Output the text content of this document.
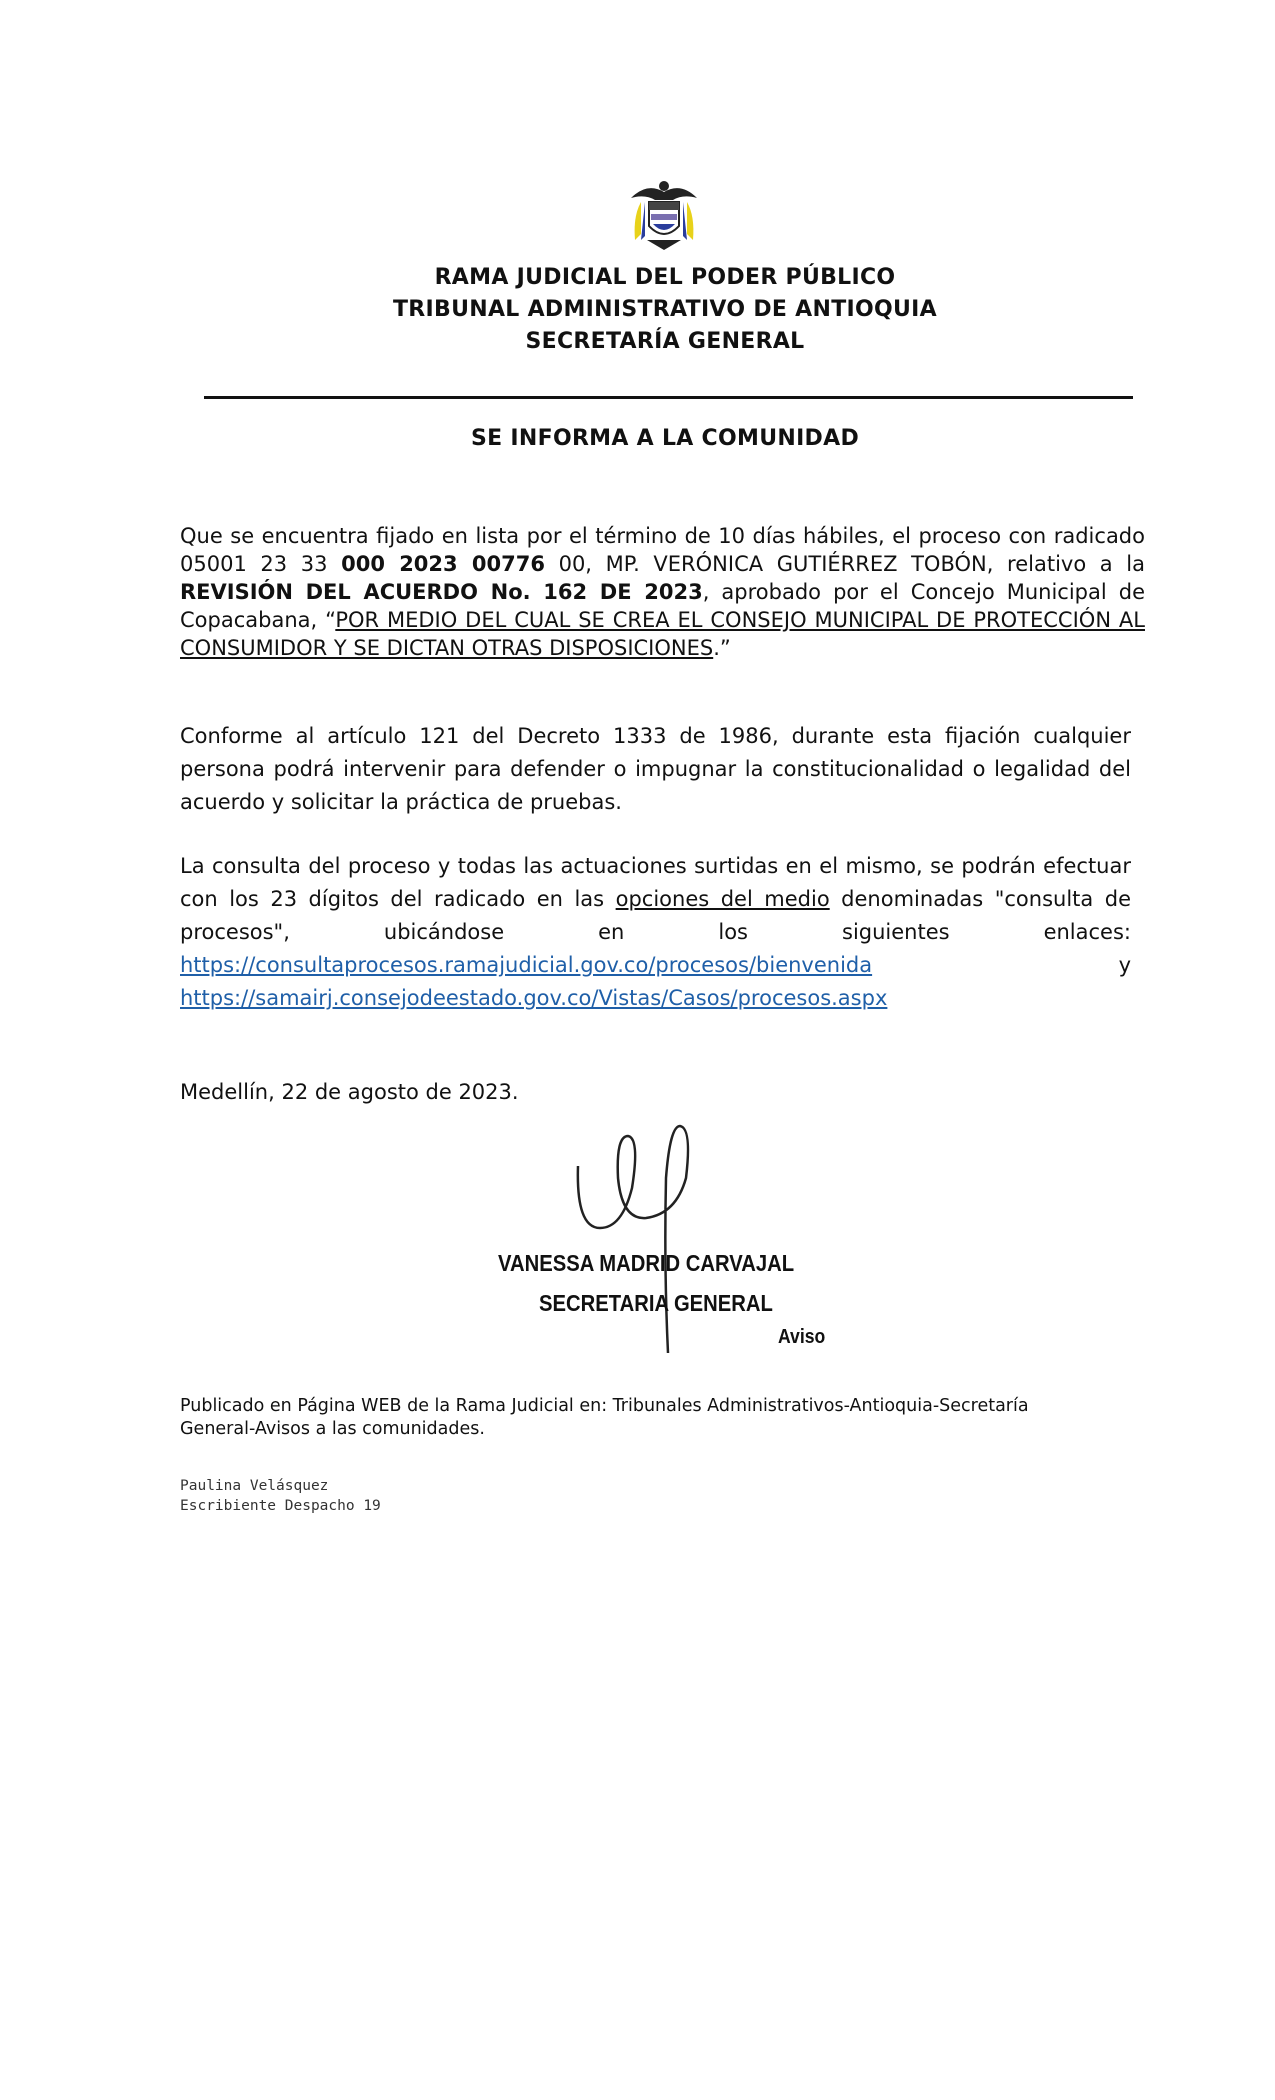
RAMA JUDICIAL DEL PODER PÚBLICO
TRIBUNAL ADMINISTRATIVO DE ANTIOQUIA
SECRETARÍA GENERAL
SE INFORMA A LA COMUNIDAD
Que se encuentra fijado en lista por el término de 10 días hábiles, el proceso con radicado 05001 23 33 000 2023 00776 00, MP. VERÓNICA GUTIÉRREZ TOBÓN, relativo a la REVISIÓN DEL ACUERDO No. 162 DE 2023, aprobado por el Concejo Municipal de Copacabana, “POR MEDIO DEL CUAL SE CREA EL CONSEJO MUNICIPAL DE PROTECCIÓN AL CONSUMIDOR Y SE DICTAN OTRAS DISPOSICIONES.”
Conforme al artículo 121 del Decreto 1333 de 1986, durante esta fijación cualquier persona podrá intervenir para defender o impugnar la constitucionalidad o legalidad del acuerdo y solicitar la práctica de pruebas.
La consulta del proceso y todas las actuaciones surtidas en el mismo, se podrán efectuar con los 23 dígitos del radicado en las opciones del medio denominadas "consulta de procesos", ubicándose en los siguientes enlaces: https://consultaprocesos.ramajudicial.gov.co/procesos/bienvenida y https://samairj.consejodeestado.gov.co/Vistas/Casos/procesos.aspx
Medellín, 22 de agosto de 2023.
VANESSA MADRID CARVAJAL
SECRETARIA GENERAL
Aviso
Publicado en Página WEB de la Rama Judicial en: Tribunales Administrativos-Antioquia-Secretaría General-Avisos a las comunidades.
Paulina Velásquez
Escribiente Despacho 19
